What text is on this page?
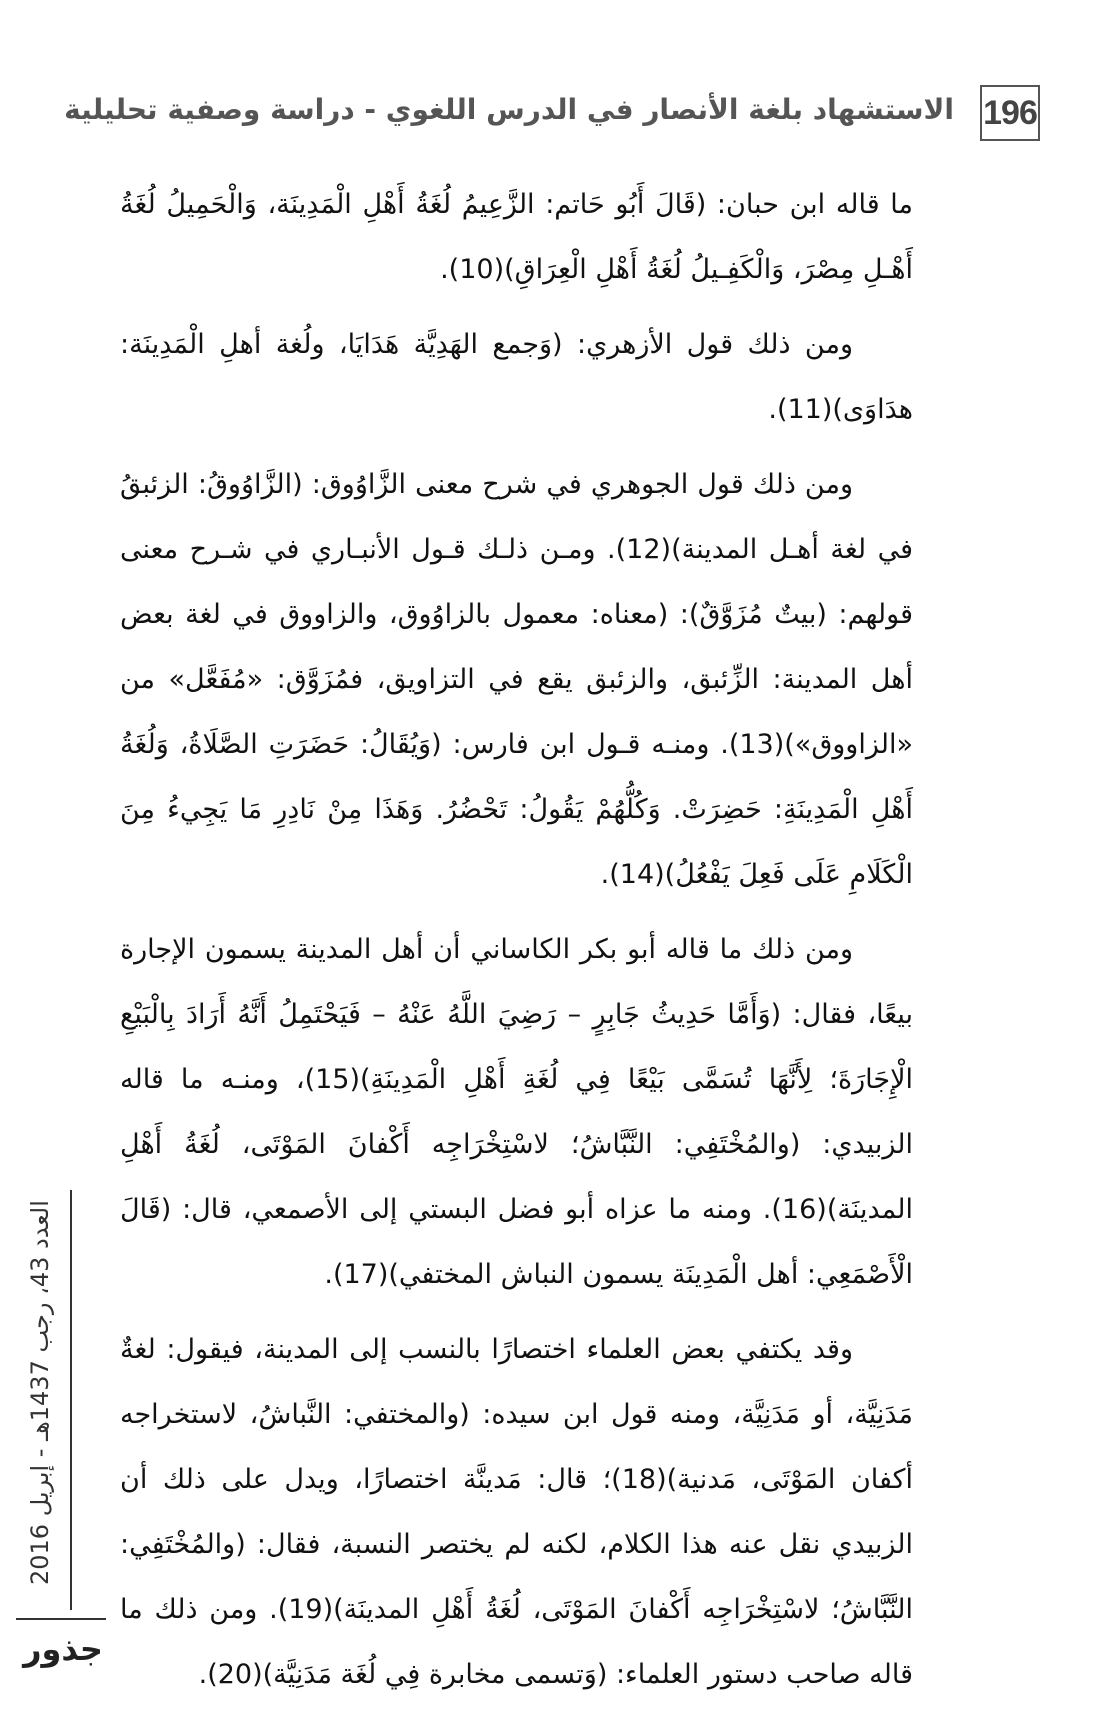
196
الاستشهاد بلغة الأنصار في الدرس اللغوي - دراسة وصفية تحليلية

ما قاله ابن حبان: (قَالَ أَبُو حَاتم: الزَّعِيمُ لُغَةُ أَهْلِ الْمَدِينَة، وَالْحَمِيلُ لُغَةُ أَهْـلِ مِصْرَ، وَالْكَفِـيلُ لُغَةُ أَهْلِ الْعِرَاقِ)(10).

ومن ذلك قول الأزهري: (وَجمع الهَدِيَّة هَدَايَا، ولُغة أهلِ الْمَدِينَة: هدَاوَى)(11).

ومن ذلك قول الجوهري في شرح معنى الزَّاوُوق: (الزَّاوُوقُ: الزئبقُ في لغة أهـل المدينة)(12). ومـن ذلـك قـول الأنبـاري في شـرح معنى قولهم: (بيتٌ مُزَوَّقٌ): (معناه: معمول بالزاوُوق، والزاووق في لغة بعض أهل المدينة: الزِّئبق، والزئبق يقع في التزاويق، فمُزَوَّق: «مُفَعَّل» من «الزاووق»)(13). ومنـه قـول ابن فارس: (وَيُقَالُ: حَضَرَتِ الصَّلَاةُ، وَلُغَةُ أَهْلِ الْمَدِينَةِ: حَضِرَتْ. وَكُلُّهُمْ يَقُولُ: تَحْضُرُ. وَهَذَا مِنْ نَادِرِ مَا يَجِيءُ مِنَ الْكَلَامِ عَلَى فَعِلَ يَفْعُلُ)(14).

ومن ذلك ما قاله أبو بكر الكاساني أن أهل المدينة يسمون الإجارة بيعًا، فقال: (وَأَمَّا حَدِيثُ جَابِرٍ – رَضِيَ اللَّهُ عَنْهُ – فَيَحْتَمِلُ أَنَّهُ أَرَادَ بِالْبَيْعِ الْإِجَارَةَ؛ لِأَنَّهَا تُسَمَّى بَيْعًا فِي لُغَةِ أَهْلِ الْمَدِينَةِ)(15)، ومنـه ما قاله الزبيدي: (والمُخْتَفِي: النَّبَّاشُ؛ لاسْتِخْرَاجِه أَكْفانَ المَوْتَى، لُغَةُ أَهْلِ المدينَة)(16). ومنه ما عزاه أبو فضل البستي إلى الأصمعي، قال: (قَالَ الْأَصْمَعِي: أهل الْمَدِينَة يسمون النباش المختفي)(17).

وقد يكتفي بعض العلماء اختصارًا بالنسب إلى المدينة، فيقول: لغةٌ مَدَنِيَّة، أو مَدَنِيَّة، ومنه قول ابن سيده: (والمختفي: النَّباشُ، لاستخراجه أكفان المَوْتَى، مَدنية)(18)؛ قال: مَدينَّة اختصارًا، ويدل على ذلك أن الزبيدي نقل عنه هذا الكلام، لكنه لم يختصر النسبة، فقال: (والمُخْتَفِي: النَّبَّاشُ؛ لاسْتِخْرَاجِه أَكْفانَ المَوْتَى، لُغَةُ أَهْلِ المدينَة)(19). ومن ذلك ما قاله صاحب دستور العلماء: (وَتسمى مخابرة فِي لُغَة مَدَنِيَّة)(20).

العدد 43، رجب 1437هـ - إبريل 2016
جذور
